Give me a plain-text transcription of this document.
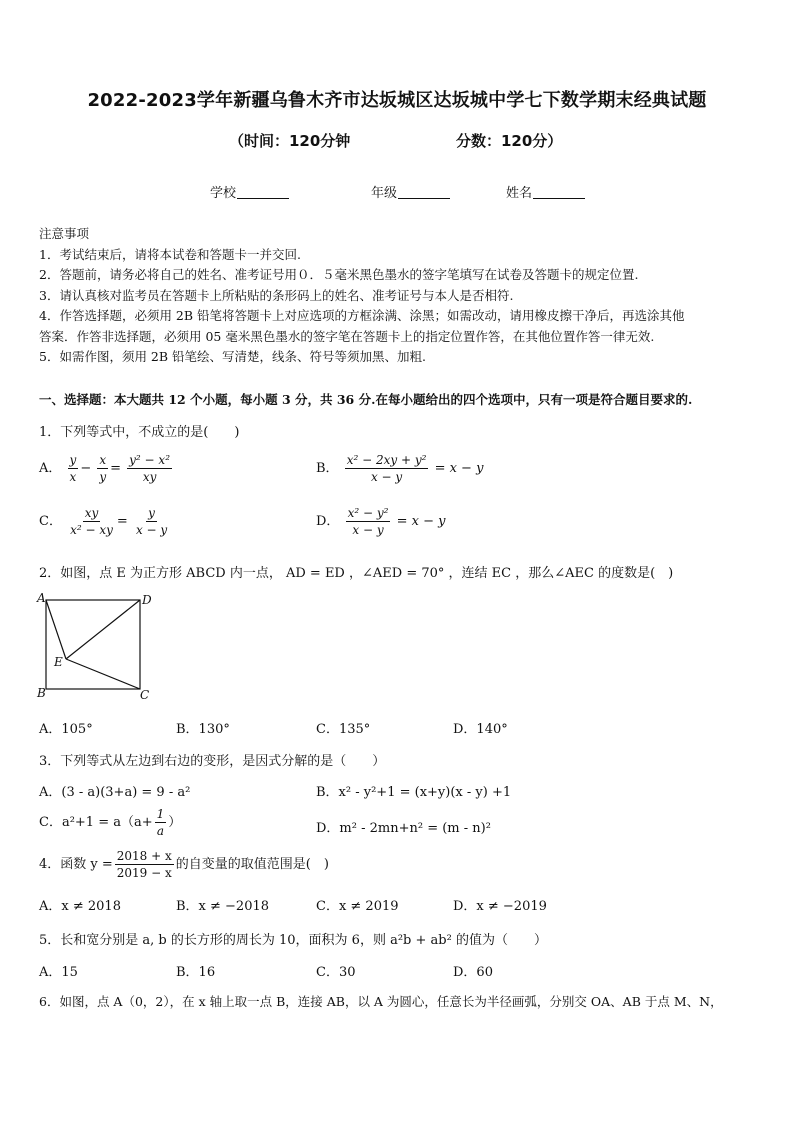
2022-2023学年新疆乌鲁木齐市达坂城区达坂城中学七下数学期末经典试题
（时间：120分钟	分数：120分）
学校	年级	姓名
注意事项
1．考试结束后，请将本试卷和答题卡一并交回.
2．答题前，请务必将自己的姓名、准考证号用０．５毫米黑色墨水的签字笔填写在试卷及答题卡的规定位置.
3．请认真核对监考员在答题卡上所粘贴的条形码上的姓名、准考证号与本人是否相符.
4．作答选择题，必须用 2B 铅笔将答题卡上对应选项的方框涂满、涂黑；如需改动，请用橡皮擦干净后，再选涂其他
答案．作答非选择题，必须用 05 毫米黑色墨水的签字笔在答题卡上的指定位置作答，在其他位置作答一律无效.
5．如需作图，须用 2B 铅笔绘、写清楚，线条、符号等须加黑、加粗.
一、选择题：本大题共 12 个小题，每小题 3 分，共 36 分.在每小题给出的四个选项中，只有一项是符合题目要求的.
1．下列等式中，不成立的是(　　)
A． $\frac{y}{x} - \frac{x}{y} = \frac{\text{y² − x²}}{xy}$	B． $\frac{\text{x² − 2xy + y²}}{x - y} = x - y$
C． $\frac{xy}{\text{x² − xy}} = \frac{y}{x - y}$	D． $\frac{\text{x² − y²}}{x - y} = x - y$
2．如图，点 E 为正方形 ABCD 内一点， AD = ED ，∠AED = 70° ，连结 EC ，那么∠AEC 的度数是(　)
A	D
E
B	C
A．105°	B．130°	C．135°	D．140°
3．下列等式从左边到右边的变形，是因式分解的是（　　）
A．(3 - a)(3+a) = 9 - a²	B．x² - y²+1 = (x+y)(x - y) +1
C．$a^2+1 = a(a+ \frac{1}{a}$ ）	D．m² - 2mn+n² = (m - n)²
4．函数 $y = \frac{2018 + x}{2019 - x}$ 的自变量的取值范围是(　)
A．x ≠ 2018	B．x ≠ −2018	C．x ≠ 2019	D．x ≠ −2019
5．长和宽分别是 a, b 的长方形的周长为 10，面积为 6，则 a²b + ab² 的值为（　　）
A．15	B．16	C．30	D．60
6．如图，点 A（0，2），在 x 轴上取一点 B，连接 AB，以 A 为圆心，任意长为半径画弧，分别交 OA、AB 于点 M、N，
